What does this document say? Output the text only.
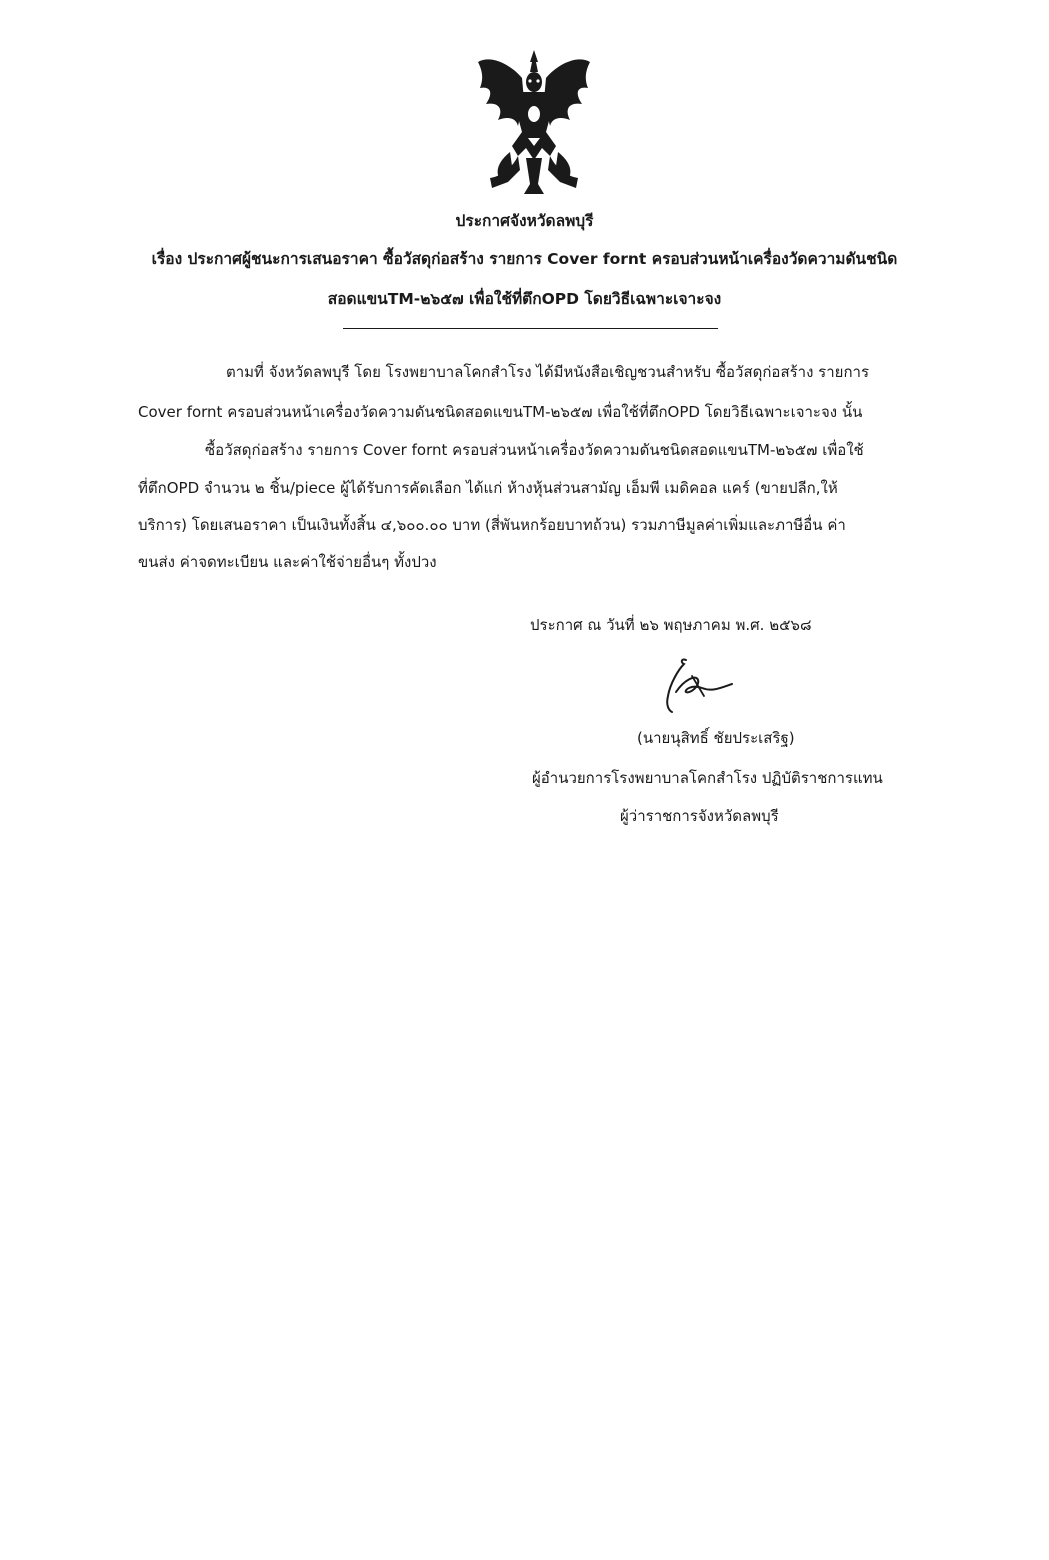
ประกาศจังหวัดลพบุรี
เรื่อง ประกาศผู้ชนะการเสนอราคา ซื้อวัสดุก่อสร้าง รายการ Cover fornt ครอบส่วนหน้าเครื่องวัดความดันชนิด
สอดแขนTM-๒๖๕๗ เพื่อใช้ที่ตึกOPD โดยวิธีเฉพาะเจาะจง
ตามที่ จังหวัดลพบุรี โดย โรงพยาบาลโคกสำโรง ได้มีหนังสือเชิญชวนสำหรับ ซื้อวัสดุก่อสร้าง รายการ
Cover fornt ครอบส่วนหน้าเครื่องวัดความดันชนิดสอดแขนTM-๒๖๕๗ เพื่อใช้ที่ตึกOPD โดยวิธีเฉพาะเจาะจง นั้น
ซื้อวัสดุก่อสร้าง รายการ Cover fornt ครอบส่วนหน้าเครื่องวัดความดันชนิดสอดแขนTM-๒๖๕๗ เพื่อใช้
ที่ตึกOPD จำนวน ๒ ชิ้น/piece ผู้ได้รับการคัดเลือก ได้แก่ ห้างหุ้นส่วนสามัญ เอ็มพี เมดิคอล แคร์ (ขายปลีก,ให้
บริการ) โดยเสนอราคา เป็นเงินทั้งสิ้น ๔,๖๐๐.๐๐ บาท (สี่พันหกร้อยบาทถ้วน) รวมภาษีมูลค่าเพิ่มและภาษีอื่น ค่า
ขนส่ง ค่าจดทะเบียน และค่าใช้จ่ายอื่นๆ ทั้งปวง
ประกาศ ณ วันที่ ๒๖ พฤษภาคม พ.ศ. ๒๕๖๘
(นายนุสิทธิ์ ชัยประเสริฐ)
ผู้อำนวยการโรงพยาบาลโคกสำโรง ปฏิบัติราชการแทน
ผู้ว่าราชการจังหวัดลพบุรี
